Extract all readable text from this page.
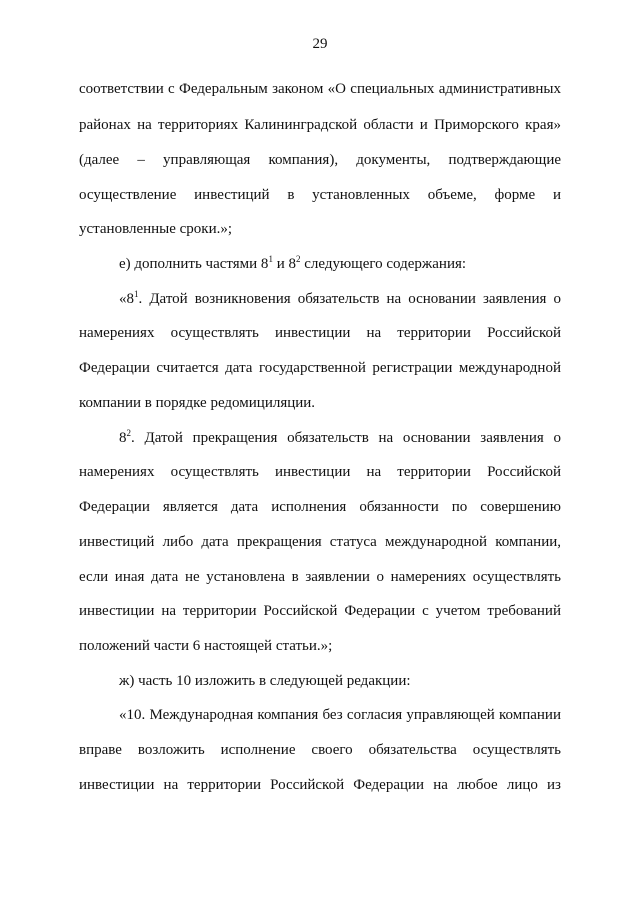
29
соответствии с Федеральным законом «О специальных административных
районах на территориях Калининградской области и Приморского края»
(далее – управляющая компания), документы, подтверждающие
осуществление инвестиций в установленных объеме, форме и
установленные сроки.»;
е) дополнить частями $8^1$ и $8^2$ следующего содержания:
«$8^1$. Датой возникновения обязательств на основании заявления о
намерениях осуществлять инвестиции на территории Российской
Федерации считается дата государственной регистрации международной
компании в порядке редомициляции.
$8^2$. Датой прекращения обязательств на основании заявления о
намерениях осуществлять инвестиции на территории Российской
Федерации является дата исполнения обязанности по совершению
инвестиций либо дата прекращения статуса международной компании,
если иная дата не установлена в заявлении о намерениях осуществлять
инвестиции на территории Российской Федерации с учетом требований
положений части 6 настоящей статьи.»;
ж) часть 10 изложить в следующей редакции:
«10. Международная компания без согласия управляющей компании
вправе возложить исполнение своего обязательства осуществлять
инвестиции на территории Российской Федерации на любое лицо из
